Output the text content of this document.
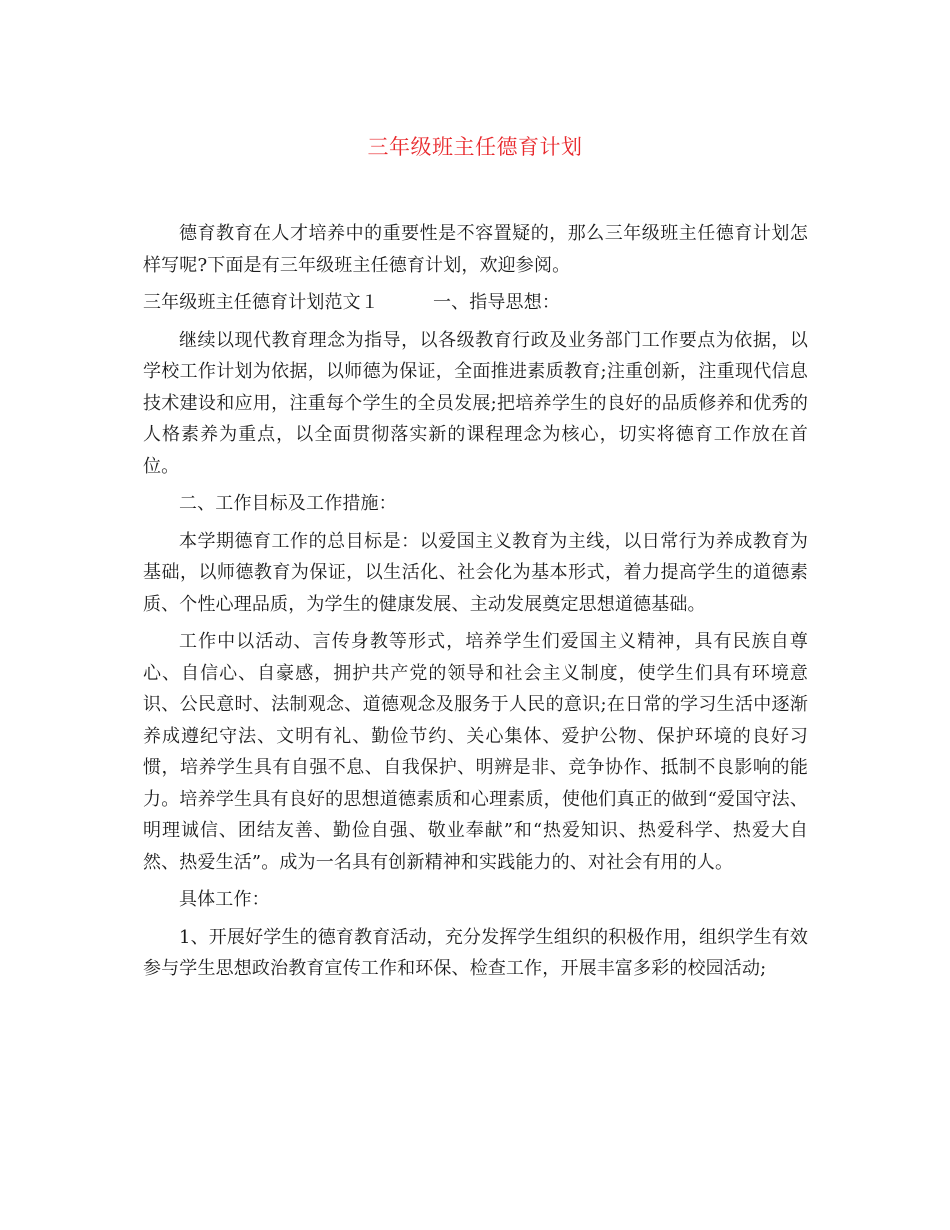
三年级班主任德育计划

德育教育在人才培养中的重要性是不容置疑的，那么三年级班主任德育计划怎样写呢?下面是有三年级班主任德育计划，欢迎参阅。

三年级班主任德育计划范文１	一、指导思想：

继续以现代教育理念为指导，以各级教育行政及业务部门工作要点为依据，以学校工作计划为依据，以师德为保证，全面推进素质教育;注重创新，注重现代信息技术建设和应用，注重每个学生的全员发展;把培养学生的良好的品质修养和优秀的人格素养为重点，以全面贯彻落实新的课程理念为核心，切实将德育工作放在首位。

二、工作目标及工作措施：

本学期德育工作的总目标是：以爱国主义教育为主线，以日常行为养成教育为基础，以师德教育为保证，以生活化、社会化为基本形式，着力提高学生的道德素质、个性心理品质，为学生的健康发展、主动发展奠定思想道德基础。

工作中以活动、言传身教等形式，培养学生们爱国主义精神，具有民族自尊心、自信心、自豪感，拥护共产党的领导和社会主义制度，使学生们具有环境意识、公民意时、法制观念、道德观念及服务于人民的意识;在日常的学习生活中逐渐养成遵纪守法、文明有礼、勤俭节约、关心集体、爱护公物、保护环境的良好习惯，培养学生具有自强不息、自我保护、明辨是非、竞争协作、抵制不良影响的能力。培养学生具有良好的思想道德素质和心理素质，使他们真正的做到“爱国守法、明理诚信、团结友善、勤俭自强、敬业奉献”和“热爱知识、热爱科学、热爱大自然、热爱生活”。成为一名具有创新精神和实践能力的、对社会有用的人。

具体工作：

1、开展好学生的德育教育活动，充分发挥学生组织的积极作用，组织学生有效参与学生思想政治教育宣传工作和环保、检查工作，开展丰富多彩的校园活动;
